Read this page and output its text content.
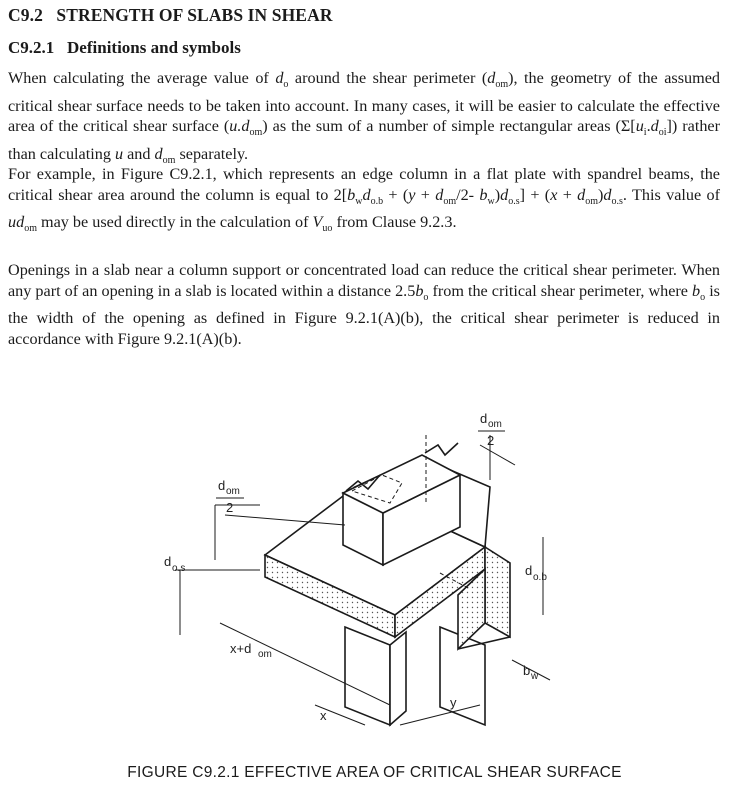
C9.2 STRENGTH OF SLABS IN SHEAR
C9.2.1 Definitions and symbols
When calculating the average value of $d_o$ around the shear perimeter $(d_{om})$, the geometry of the assumed critical shear surface needs to be taken into account. In many cases, it will be easier to calculate the effective area of the critical shear surface $(u.d_{om})$ as the sum of a number of simple rectangular areas $(\Sigma[u_i.d_{oi}])$ rather than calculating u and $d_{om}$ separately.
For example, in Figure C9.2.1, which represents an edge column in a flat plate with spandrel beams, the critical shear area around the column is equal to $2[b_wd_{o.b} + (y + d_{om}/2-$ $b_w)d_{o.s}] + (x + d_{om})d_{o.s}$. This value of $ud_{om}$ may be used directly in the calculation of $V_{uo}$ from Clause 9.2.3.
Openings in a slab near a column support or concentrated load can reduce the critical shear perimeter. When any part of an opening in a slab is located within a distance $2.5b_o$ from the critical shear perimeter, where $b_o$ is the width of the opening as defined in Figure 9.2.1(A)(b), the critical shear perimeter is reduced in accordance with Figure 9.2.1(A)(b).
d om
2
d om
2
d o.s	d o.b
x+d om
b w
x
y
FIGURE C9.2.1 EFFECTIVE AREA OF CRITICAL SHEAR SURFACE
